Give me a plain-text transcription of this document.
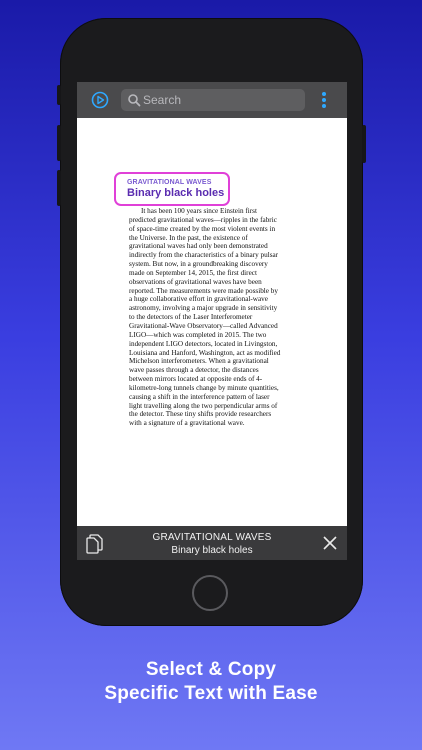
Search
GRAVITATIONAL WAVES
Binary black holes
It has been 100 years since Einstein first predicted gravitational waves—ripples in the fabric of space-time created by the most violent events in the Universe. In the past, the existence of gravitational waves had only been demonstrated indirectly from the characteristics of a binary pulsar system. But now, in a groundbreaking discovery made on September 14, 2015, the first direct observations of gravitational waves have been reported. The measurements were made possible by a huge collaborative effort in gravitational-wave astronomy, involving a major upgrade in sensitivity to the detectors of the Laser Interferometer Gravitational-Wave Observatory—called Advanced LIGO—which was completed in 2015. The two independent LIGO detectors, located in Livingston, Louisiana and Hanford, Washington, act as modified Michelson interferometers. When a gravitational wave passes through a detector, the distances between mirrors located at opposite ends of 4-kilometre-long tunnels change by minute quantities, causing a shift in the interference pattern of laser light travelling along the two perpendicular arms of the detector. These tiny shifts provide researchers with a signature of a gravitational wave.
GRAVITATIONAL WAVES
Binary black holes
Select & Copy
Specific Text with Ease
